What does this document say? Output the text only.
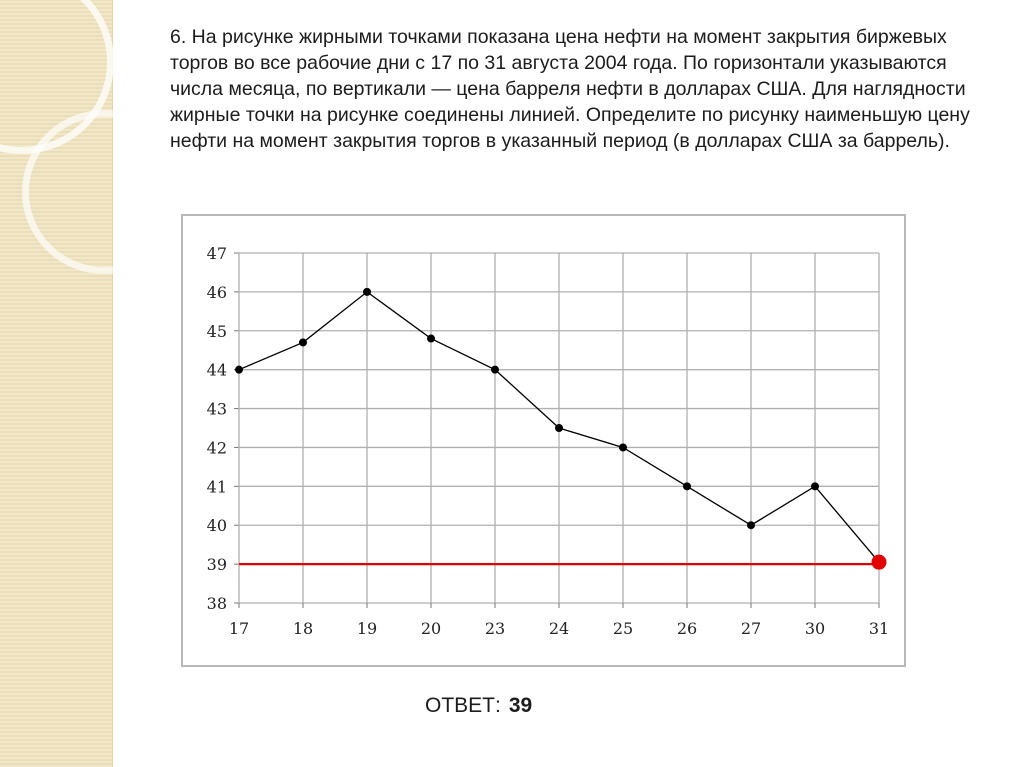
6. На рисунке жирными точками показана цена нефти на момент закрытия биржевых торгов во все рабочие дни с 17 по 31 августа 2004 года. По горизонтали указываются числа месяца, по вертикали — цена барреля нефти в долларах США. Для наглядности жирные точки на рисунке соединены линией. Определите по рисунку наименьшую цену нефти на момент закрытия торгов в указанный период (в долларах США за баррель).
38
39
40
41
42
43
44
45
46
47
17	18	19	20	23	24	25	26	27	30	31
ОТВЕТ: 39
